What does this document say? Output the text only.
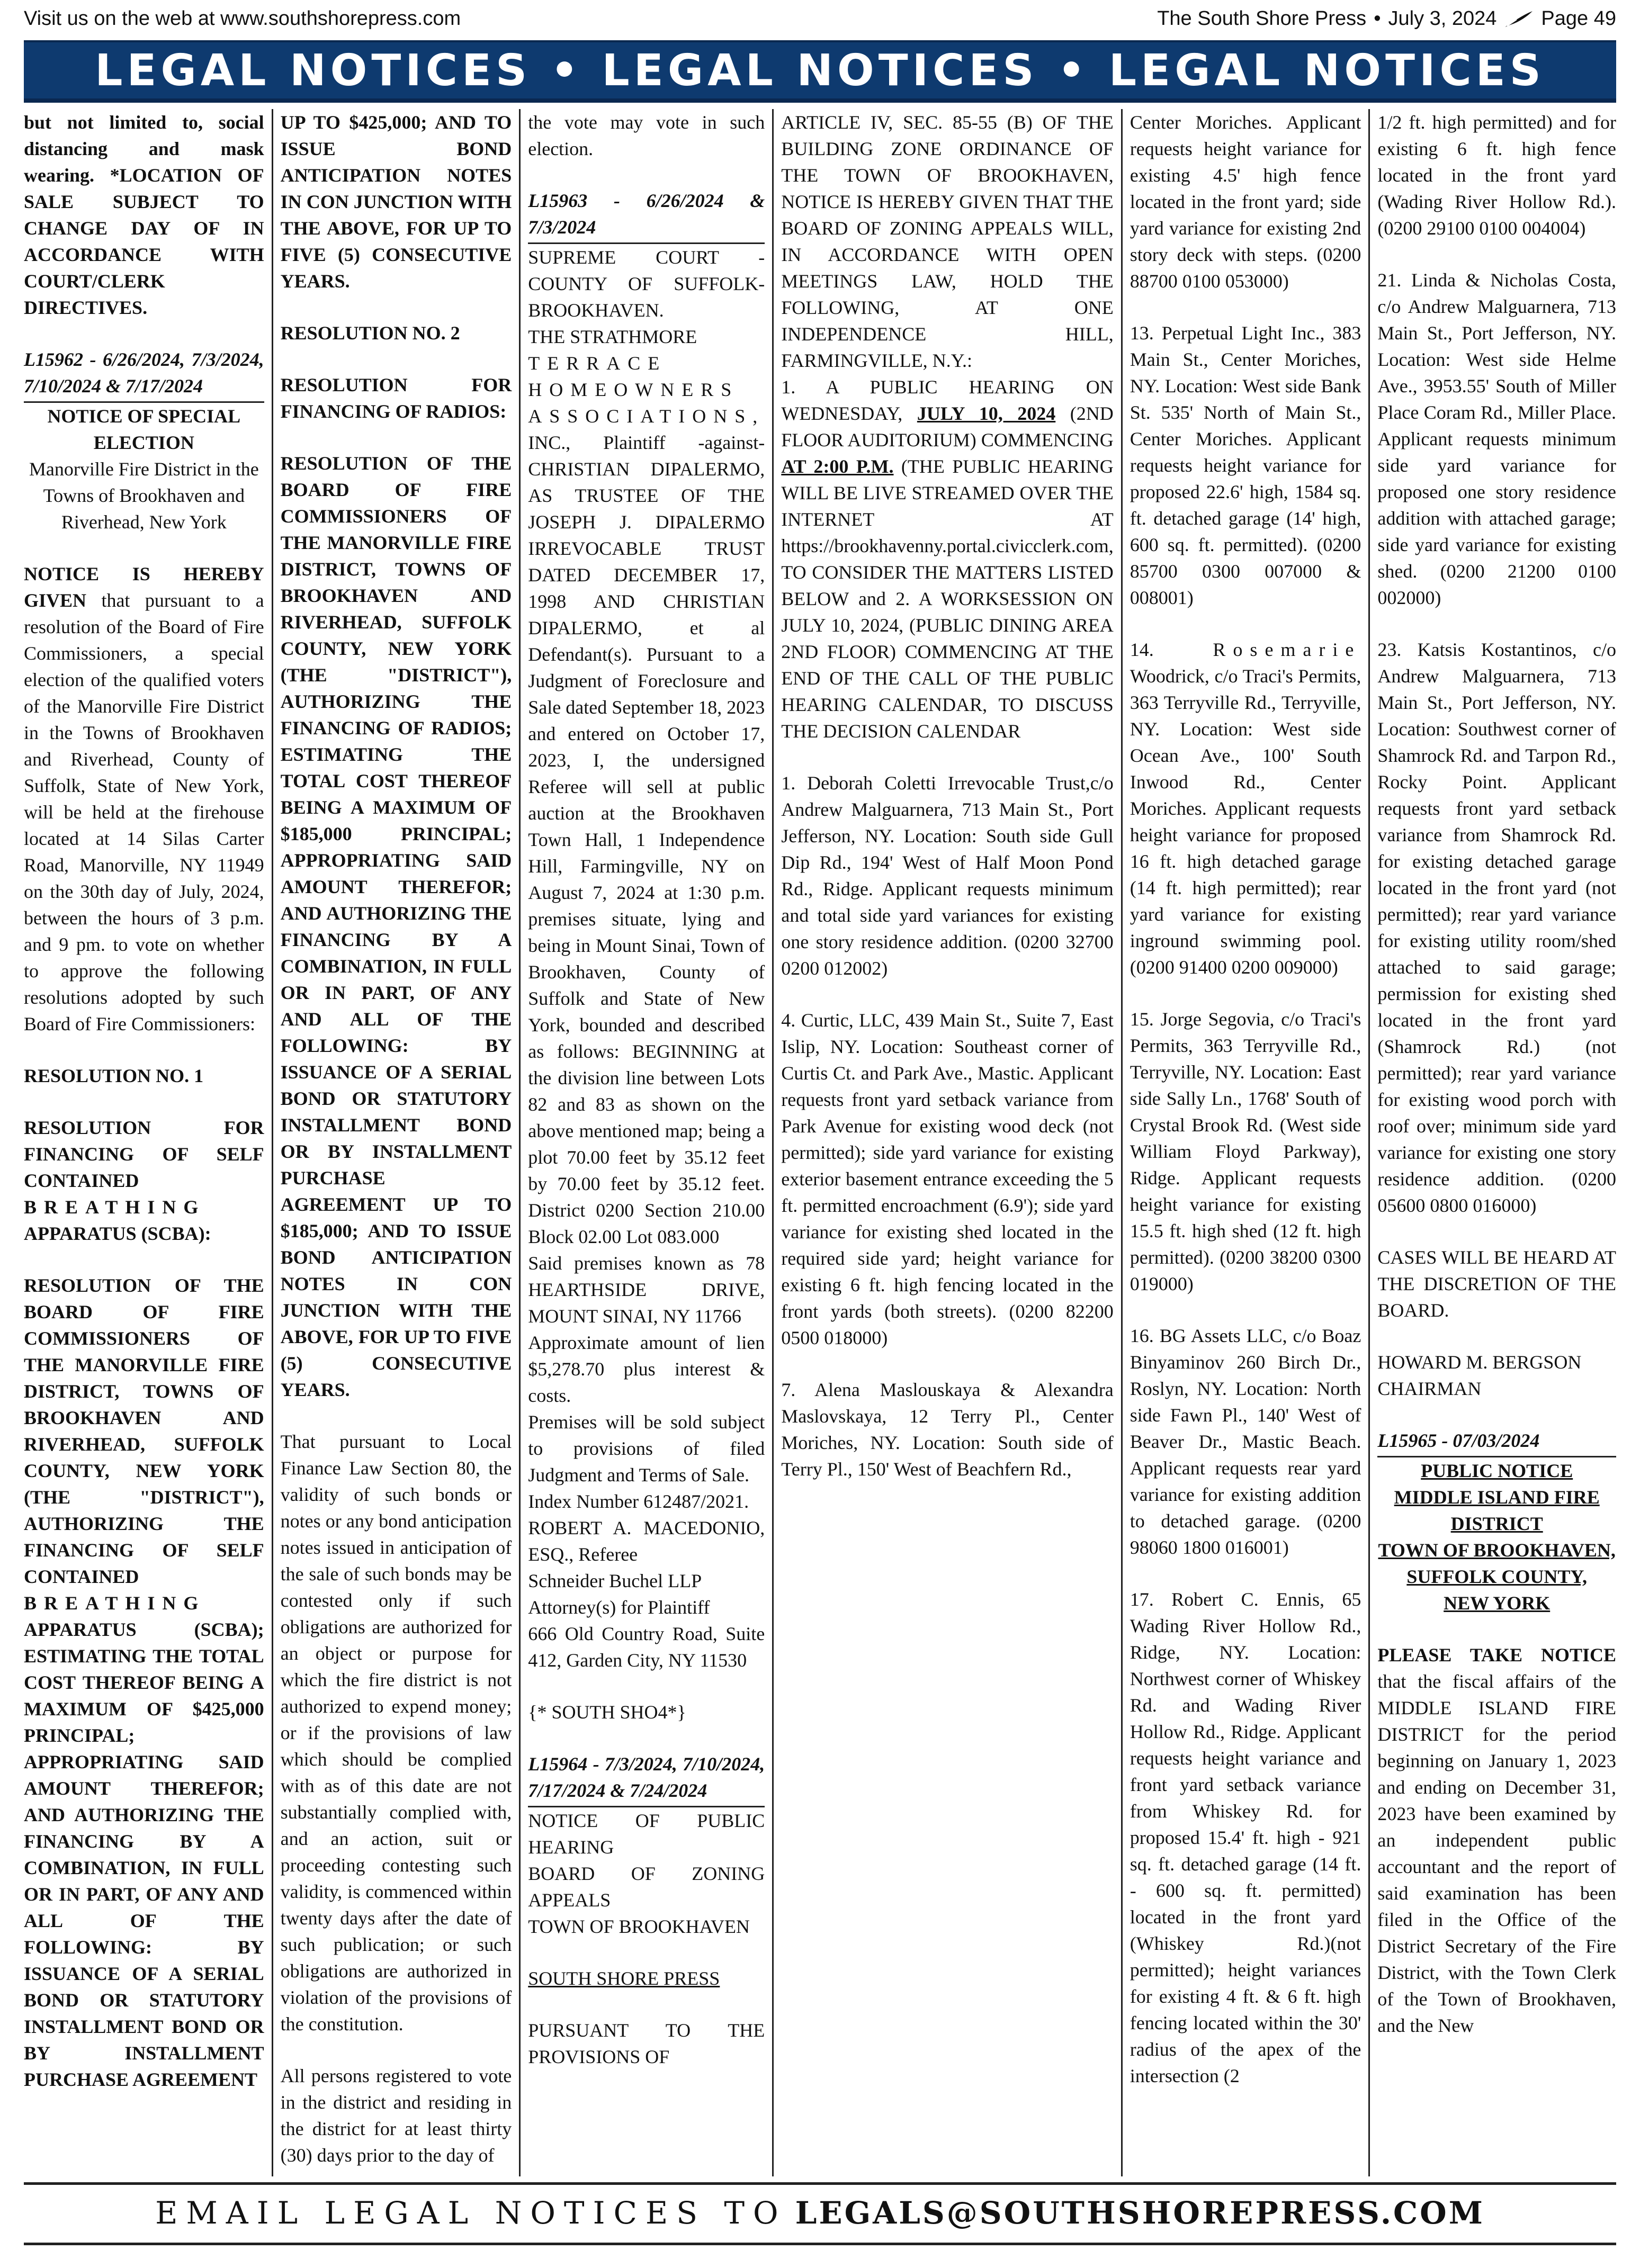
Visit us on the web at www.southshorepress.com	The South Shore Press • July 3, 2024 Page 49
LEGAL NOTICES • LEGAL NOTICES • LEGAL NOTICES

but not limited to, social distancing and mask wearing. *LOCATION OF SALE SUBJECT TO CHANGE DAY OF IN ACCORDANCE WITH COURT/CLERK DIRECTIVES.

L15962 - 6/26/2024, 7/3/2024, 7/10/2024 & 7/17/2024

NOTICE OF SPECIAL ELECTION

Manorville Fire District in the Towns of Brookhaven and Riverhead, New York

NOTICE IS HEREBY GIVEN that pursuant to a resolution of the Board of Fire Commissioners, a special election of the qualified voters of the Manorville Fire District in the Towns of Brookhaven and Riverhead, County of Suffolk, State of New York, will be held at the firehouse located at 14 Silas Carter Road, Manorville, NY 11949 on the 30th day of July, 2024, between the hours of 3 p.m. and 9 pm. to vote on whether to approve the following resolutions adopted by such Board of Fire Commissioners:

RESOLUTION NO. 1

RESOLUTION FOR FINANCING OF SELF CONTAINED
BREATHING
APPARATUS (SCBA):

RESOLUTION OF THE BOARD OF FIRE COMMISSIONERS OF THE MANORVILLE FIRE DISTRICT, TOWNS OF BROOKHAVEN AND RIVERHEAD, SUFFOLK COUNTY, NEW YORK (THE "DISTRICT"), AUTHORIZING THE FINANCING OF SELF CONTAINED
BREATHING
APPARATUS (SCBA); ESTIMATING THE TOTAL COST THEREOF BEING A MAXIMUM OF $425,000 PRINCIPAL; APPROPRIATING SAID AMOUNT THEREFOR; AND AUTHORIZING THE FINANCING BY A COMBINATION, IN FULL OR IN PART, OF ANY AND ALL OF THE FOLLOWING: BY ISSUANCE OF A SERIAL BOND OR STATUTORY INSTALLMENT BOND OR BY INSTALLMENT PURCHASE AGREEMENT

UP TO $425,000; AND TO ISSUE BOND ANTICIPATION NOTES IN CON JUNCTION WITH THE ABOVE, FOR UP TO FIVE (5) CONSECUTIVE YEARS.

RESOLUTION NO. 2

RESOLUTION FOR FINANCING OF RADIOS:

RESOLUTION OF THE BOARD OF FIRE COMMISSIONERS OF THE MANORVILLE FIRE DISTRICT, TOWNS OF BROOKHAVEN AND RIVERHEAD, SUFFOLK COUNTY, NEW YORK (THE "DISTRICT"), AUTHORIZING THE FINANCING OF RADIOS; ESTIMATING THE TOTAL COST THEREOF BEING A MAXIMUM OF $185,000 PRINCIPAL; APPROPRIATING SAID AMOUNT THEREFOR; AND AUTHORIZING THE FINANCING BY A COMBINATION, IN FULL OR IN PART, OF ANY AND ALL OF THE FOLLOWING: BY ISSUANCE OF A SERIAL BOND OR STATUTORY INSTALLMENT BOND OR BY INSTALLMENT PURCHASE AGREEMENT UP TO $185,000; AND TO ISSUE BOND ANTICIPATION NOTES IN CON JUNCTION WITH THE ABOVE, FOR UP TO FIVE (5) CONSECUTIVE YEARS.

That pursuant to Local Finance Law Section 80, the validity of such bonds or notes or any bond anticipation notes issued in anticipation of the sale of such bonds may be contested only if such obligations are authorized for an object or purpose for which the fire district is not authorized to expend money; or if the provisions of law which should be complied with as of this date are not substantially complied with, and an action, suit or proceeding contesting such validity, is commenced within twenty days after the date of such publication; or such obligations are authorized in violation of the provisions of the constitution.

All persons registered to vote in the district and residing in the district for at least thirty (30) days prior to the day of

the vote may vote in such election.

L15963 - 6/26/2024 & 7/3/2024

SUPREME COURT - COUNTY OF SUFFOLK- BROOKHAVEN.
THE STRATHMORE
TERRACE
HOMEOWNERS
ASSOCIATIONS,
INC., Plaintiff -against- CHRISTIAN DIPALERMO, AS TRUSTEE OF THE JOSEPH J. DIPALERMO IRREVOCABLE TRUST DATED DECEMBER 17, 1998 AND CHRISTIAN DIPALERMO, et al Defendant(s). Pursuant to a Judgment of Foreclosure and Sale dated September 18, 2023 and entered on October 17, 2023, I, the undersigned Referee will sell at public auction at the Brookhaven Town Hall, 1 Independence Hill, Farmingville, NY on August 7, 2024 at 1:30 p.m. premises situate, lying and being in Mount Sinai, Town of Brookhaven, County of Suffolk and State of New York, bounded and described as follows: BEGINNING at the division line between Lots 82 and 83 as shown on the above mentioned map; being a plot 70.00 feet by 35.12 feet by 70.00 feet by 35.12 feet. District 0200 Section 210.00 Block 02.00 Lot 083.000
Said premises known as 78 HEARTHSIDE DRIVE, MOUNT SINAI, NY 11766
Approximate amount of lien $5,278.70 plus interest & costs.
Premises will be sold subject to provisions of filed Judgment and Terms of Sale.
Index Number 612487/2021.
ROBERT A. MACEDONIO, ESQ., Referee
Schneider Buchel LLP
Attorney(s) for Plaintiff
666 Old Country Road, Suite 412, Garden City, NY 11530

{* SOUTH SHO4*}

L15964 - 7/3/2024, 7/10/2024, 7/17/2024 & 7/24/2024

NOTICE OF PUBLIC HEARING
BOARD OF ZONING APPEALS
TOWN OF BROOKHAVEN

SOUTH SHORE PRESS

PURSUANT TO THE PROVISIONS OF

ARTICLE IV, SEC. 85-55 (B) OF THE BUILDING ZONE ORDINANCE OF THE TOWN OF BROOKHAVEN, NOTICE IS HEREBY GIVEN THAT THE BOARD OF ZONING APPEALS WILL, IN ACCORDANCE WITH OPEN MEETINGS LAW, HOLD THE FOLLOWING, AT ONE INDEPENDENCE HILL, FARMINGVILLE, N.Y.:
1. A PUBLIC HEARING ON WEDNESDAY, JULY 10, 2024 (2ND FLOOR AUDITORIUM) COMMENCING AT 2:00 P.M. (THE PUBLIC HEARING WILL BE LIVE STREAMED OVER THE INTERNET AT https://brookhavenny.portal.civicclerk.com, TO CONSIDER THE MATTERS LISTED BELOW and 2. A WORKSESSION ON JULY 10, 2024, (PUBLIC DINING AREA 2ND FLOOR) COMMENCING AT THE END OF THE CALL OF THE PUBLIC HEARING CALENDAR, TO DISCUSS THE DECISION CALENDAR

1. Deborah Coletti Irrevocable Trust,c/o Andrew Malguarnera, 713 Main St., Port Jefferson, NY. Location: South side Gull Dip Rd., 194' West of Half Moon Pond Rd., Ridge. Applicant requests minimum and total side yard variances for existing one story residence addition. (0200 32700 0200 012002)

4. Curtic, LLC, 439 Main St., Suite 7, East Islip, NY. Location: Southeast corner of Curtis Ct. and Park Ave., Mastic. Applicant requests front yard setback variance from Park Avenue for existing wood deck (not permitted); side yard variance for existing exterior basement entrance exceeding the 5 ft. permitted encroachment (6.9'); side yard variance for existing shed located in the required side yard; height variance for existing 6 ft. high fencing located in the front yards (both streets). (0200 82200 0500 018000)

7. Alena Maslouskaya & Alexandra Maslovskaya, 12 Terry Pl., Center Moriches, NY. Location: South side of Terry Pl., 150' West of Beachfern Rd.,

Center Moriches. Applicant requests height variance for existing 4.5' high fence located in the front yard; side yard variance for existing 2nd story deck with steps. (0200 88700 0100 053000)

13. Perpetual Light Inc., 383 Main St., Center Moriches, NY. Location: West side Bank St. 535' North of Main St., Center Moriches. Applicant requests height variance for proposed 22.6' high, 1584 sq. ft. detached garage (14' high, 600 sq. ft. permitted). (0200 85700 0300 007000 & 008001)

14.	Rosemarie Woodrick, c/o Traci's Permits, 363 Terryville Rd., Terryville, NY. Location: West side Ocean Ave., 100' South Inwood Rd., Center Moriches. Applicant requests height variance for proposed 16 ft. high detached garage (14 ft. high permitted); rear yard variance for existing inground swimming pool. (0200 91400 0200 009000)

15. Jorge Segovia, c/o Traci's Permits, 363 Terryville Rd., Terryville, NY. Location: East side Sally Ln., 1768' South of Crystal Brook Rd. (West side William Floyd Parkway), Ridge. Applicant requests height variance for existing 15.5 ft. high shed (12 ft. high permitted). (0200 38200 0300 019000)

16. BG Assets LLC, c/o Boaz Binyaminov 260 Birch Dr., Roslyn, NY. Location: North side Fawn Pl., 140' West of Beaver Dr., Mastic Beach. Applicant requests rear yard variance for existing addition to detached garage. (0200 98060 1800 016001)

17. Robert C. Ennis, 65 Wading River Hollow Rd., Ridge, NY. Location: Northwest corner of Whiskey Rd. and Wading River Hollow Rd., Ridge. Applicant requests height variance and front yard setback variance from Whiskey Rd. for proposed 15.4' ft. high - 921 sq. ft. detached garage (14 ft. - 600 sq. ft. permitted) located in the front yard (Whiskey Rd.)(not permitted); height variances for existing 4 ft. & 6 ft. high fencing located within the 30' radius of the apex of the intersection (2

1/2 ft. high permitted) and for existing 6 ft. high fence located in the front yard (Wading River Hollow Rd.). (0200 29100 0100 004004)

21. Linda & Nicholas Costa, c/o Andrew Malguarnera, 713 Main St., Port Jefferson, NY. Location: West side Helme Ave., 3953.55' South of Miller Place Coram Rd., Miller Place. Applicant requests minimum side yard variance for proposed one story residence addition with attached garage; side yard variance for existing shed. (0200 21200 0100 002000)

23. Katsis Kostantinos, c/o Andrew Malguarnera, 713 Main St., Port Jefferson, NY. Location: Southwest corner of Shamrock Rd. and Tarpon Rd., Rocky Point. Applicant requests front yard setback variance from Shamrock Rd. for existing detached garage located in the front yard (not permitted); rear yard variance for existing utility room/shed attached to said garage; permission for existing shed located in the front yard (Shamrock Rd.) (not permitted); rear yard variance for existing wood porch with roof over; minimum side yard variance for existing one story residence addition. (0200 05600 0800 016000)

CASES WILL BE HEARD AT THE DISCRETION OF THE BOARD.

HOWARD M. BERGSON
CHAIRMAN

L15965 - 07/03/2024

PUBLIC NOTICE
MIDDLE ISLAND FIRE DISTRICT
TOWN OF BROOKHAVEN,
SUFFOLK COUNTY,
NEW YORK

PLEASE TAKE NOTICE that the fiscal affairs of the MIDDLE ISLAND FIRE DISTRICT for the period beginning on January 1, 2023 and ending on December 31, 2023 have been examined by an independent public accountant and the report of said examination has been filed in the Office of the District Secretary of the Fire District, with the Town Clerk of the Town of Brookhaven, and the New

EMAIL LEGAL NOTICES TO LEGALS@SOUTHSHOREPRESS.COM
